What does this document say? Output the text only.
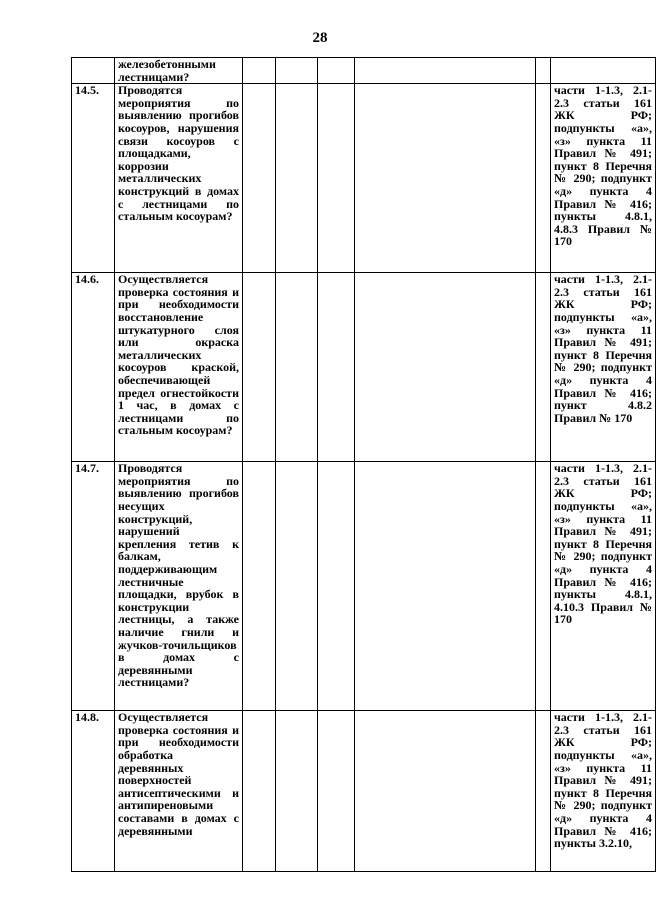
28
	железобетонными лестницами?						
14.5.	Проводятся мероприятия по выявлению прогибов косоуров, нарушения связи косоуров с площадками, коррозии металлических конструкций в домах с лестницами по стальным косоурам?						части 1-1.3, 2.1-2.3 статьи 161 ЖК РФ; подпункты «а», «з» пункта 11 Правил № 491; пункт 8 Перечня № 290; подпункт «д» пункта 4 Правил № 416; пункты 4.8.1, 4.8.3 Правил № 170
14.6.	Осуществляется проверка состояния и при необходимости восстановление штукатурного слоя или окраска металлических косоуров краской, обеспечивающей предел огнестойкости 1 час, в домах с лестницами по стальным косоурам?						части 1-1.3, 2.1-2.3 статьи 161 ЖК РФ; подпункты «а», «з» пункта 11 Правил № 491; пункт 8 Перечня № 290; подпункт «д» пункта 4 Правил № 416; пункт 4.8.2 Правил № 170
14.7.	Проводятся мероприятия по выявлению прогибов несущих конструкций, нарушений крепления тетив к балкам, поддерживающим лестничные площадки, врубок в конструкции лестницы, а также наличие гнили и жучков-точильщиков в домах с деревянными лестницами?						части 1-1.3, 2.1-2.3 статьи 161 ЖК РФ; подпункты «а», «з» пункта 11 Правил № 491; пункт 8 Перечня № 290; подпункт «д» пункта 4 Правил № 416; пункты 4.8.1, 4.10.3 Правил № 170
14.8.	Осуществляется проверка состояния и при необходимости обработка деревянных поверхностей антисептическими и антипиреновыми составами в домах с деревянными						части 1-1.3, 2.1-2.3 статьи 161 ЖК РФ; подпункты «а», «з» пункта 11 Правил № 491; пункт 8 Перечня № 290; подпункт «д» пункта 4 Правил № 416; пункты 3.2.10,
